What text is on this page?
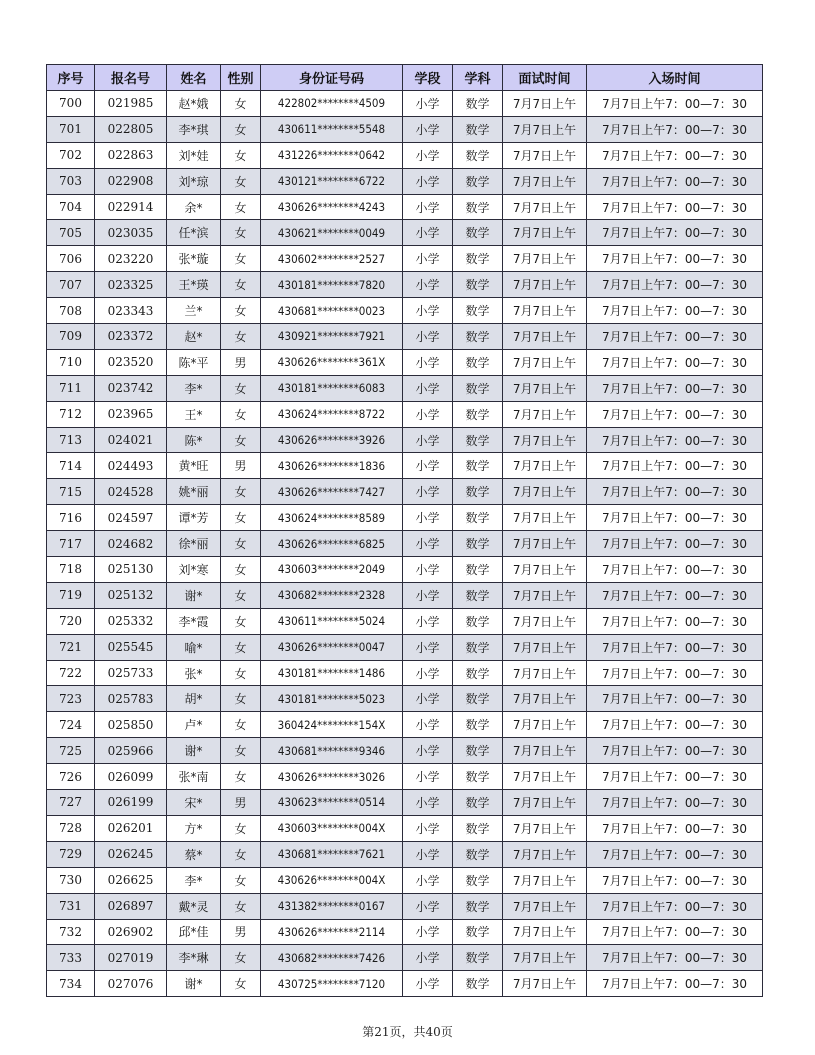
序号	报名号	姓名	性别	身份证号码	学段	学科	面试时间	入场时间
700	021985	赵*娥	女	422802********4509	小学	数学	7月7日上午	7月7日上午7：00—7：30
701	022805	李*琪	女	430611********5548	小学	数学	7月7日上午	7月7日上午7：00—7：30
702	022863	刘*娃	女	431226********0642	小学	数学	7月7日上午	7月7日上午7：00—7：30
703	022908	刘*琼	女	430121********6722	小学	数学	7月7日上午	7月7日上午7：00—7：30
704	022914	余*	女	430626********4243	小学	数学	7月7日上午	7月7日上午7：00—7：30
705	023035	任*滨	女	430621********0049	小学	数学	7月7日上午	7月7日上午7：00—7：30
706	023220	张*璇	女	430602********2527	小学	数学	7月7日上午	7月7日上午7：00—7：30
707	023325	王*瑛	女	430181********7820	小学	数学	7月7日上午	7月7日上午7：00—7：30
708	023343	兰*	女	430681********0023	小学	数学	7月7日上午	7月7日上午7：00—7：30
709	023372	赵*	女	430921********7921	小学	数学	7月7日上午	7月7日上午7：00—7：30
710	023520	陈*平	男	430626********361X	小学	数学	7月7日上午	7月7日上午7：00—7：30
711	023742	李*	女	430181********6083	小学	数学	7月7日上午	7月7日上午7：00—7：30
712	023965	王*	女	430624********8722	小学	数学	7月7日上午	7月7日上午7：00—7：30
713	024021	陈*	女	430626********3926	小学	数学	7月7日上午	7月7日上午7：00—7：30
714	024493	黄*旺	男	430626********1836	小学	数学	7月7日上午	7月7日上午7：00—7：30
715	024528	姚*丽	女	430626********7427	小学	数学	7月7日上午	7月7日上午7：00—7：30
716	024597	谭*芳	女	430624********8589	小学	数学	7月7日上午	7月7日上午7：00—7：30
717	024682	徐*丽	女	430626********6825	小学	数学	7月7日上午	7月7日上午7：00—7：30
718	025130	刘*寒	女	430603********2049	小学	数学	7月7日上午	7月7日上午7：00—7：30
719	025132	谢*	女	430682********2328	小学	数学	7月7日上午	7月7日上午7：00—7：30
720	025332	李*霞	女	430611********5024	小学	数学	7月7日上午	7月7日上午7：00—7：30
721	025545	喻*	女	430626********0047	小学	数学	7月7日上午	7月7日上午7：00—7：30
722	025733	张*	女	430181********1486	小学	数学	7月7日上午	7月7日上午7：00—7：30
723	025783	胡*	女	430181********5023	小学	数学	7月7日上午	7月7日上午7：00—7：30
724	025850	卢*	女	360424********154X	小学	数学	7月7日上午	7月7日上午7：00—7：30
725	025966	谢*	女	430681********9346	小学	数学	7月7日上午	7月7日上午7：00—7：30
726	026099	张*南	女	430626********3026	小学	数学	7月7日上午	7月7日上午7：00—7：30
727	026199	宋*	男	430623********0514	小学	数学	7月7日上午	7月7日上午7：00—7：30
728	026201	方*	女	430603********004X	小学	数学	7月7日上午	7月7日上午7：00—7：30
729	026245	蔡*	女	430681********7621	小学	数学	7月7日上午	7月7日上午7：00—7：30
730	026625	李*	女	430626********004X	小学	数学	7月7日上午	7月7日上午7：00—7：30
731	026897	戴*灵	女	431382********0167	小学	数学	7月7日上午	7月7日上午7：00—7：30
732	026902	邱*佳	男	430626********2114	小学	数学	7月7日上午	7月7日上午7：00—7：30
733	027019	李*琳	女	430682********7426	小学	数学	7月7日上午	7月7日上午7：00—7：30
734	027076	谢*	女	430725********7120	小学	数学	7月7日上午	7月7日上午7：00—7：30
第21页，共40页
